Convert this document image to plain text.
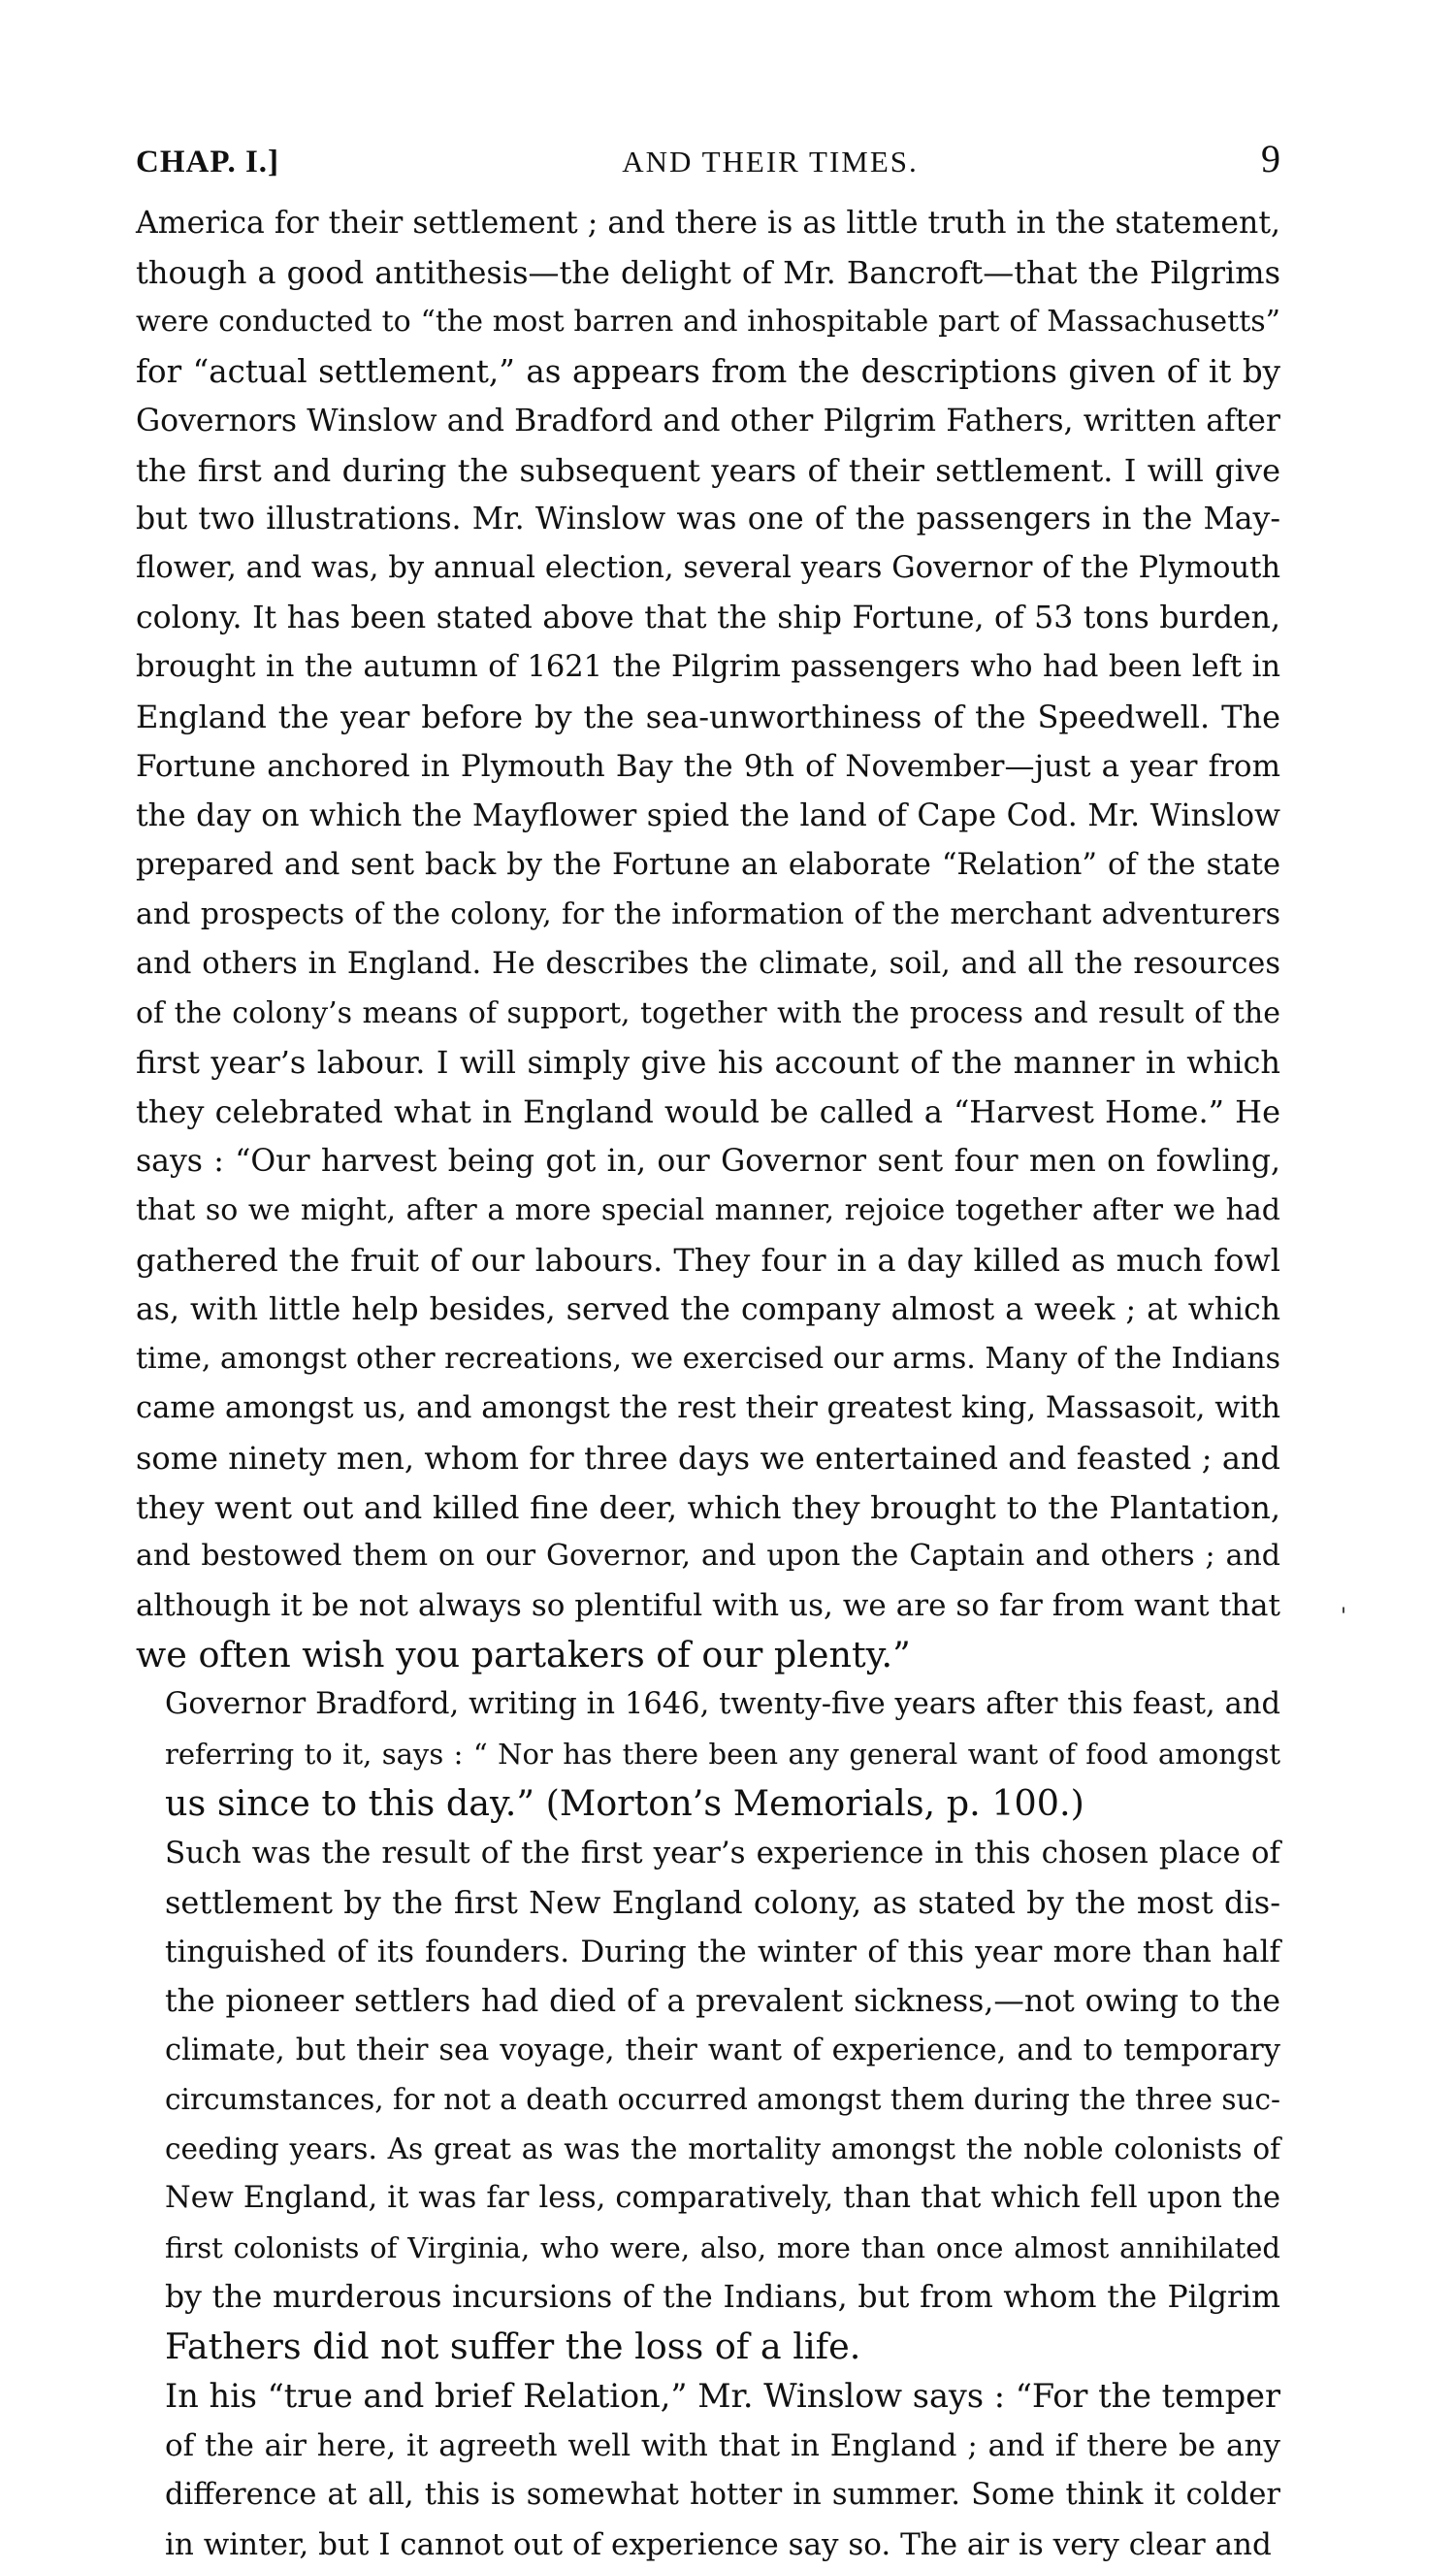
CHAP. I.]	AND THEIR TIMES.	9

America for their settlement ; and there is as little truth in the statement,
though a good antithesis—the delight of Mr. Bancroft—that the Pilgrims
were conducted to “the most barren and inhospitable part of Massachusetts”
for “actual settlement,” as appears from the descriptions given of it by
Governors Winslow and Bradford and other Pilgrim Fathers, written after
the first and during the subsequent years of their settlement. I will give
but two illustrations. Mr. Winslow was one of the passengers in the May-
flower, and was, by annual election, several years Governor of the Plymouth
colony. It has been stated above that the ship Fortune, of 53 tons burden,
brought in the autumn of 1621 the Pilgrim passengers who had been left in
England the year before by the sea-unworthiness of the Speedwell. The
Fortune anchored in Plymouth Bay the 9th of November—just a year from
the day on which the Mayflower spied the land of Cape Cod. Mr. Winslow
prepared and sent back by the Fortune an elaborate “Relation” of the state
and prospects of the colony, for the information of the merchant adventurers
and others in England. He describes the climate, soil, and all the resources
of the colony’s means of support, together with the process and result of the
first year’s labour. I will simply give his account of the manner in which
they celebrated what in England would be called a “Harvest Home.” He
says : “Our harvest being got in, our Governor sent four men on fowling,
that so we might, after a more special manner, rejoice together after we had
gathered the fruit of our labours. They four in a day killed as much fowl
as, with little help besides, served the company almost a week ; at which
time, amongst other recreations, we exercised our arms. Many of the Indians
came amongst us, and amongst the rest their greatest king, Massasoit, with
some ninety men, whom for three days we entertained and feasted ; and
they went out and killed fine deer, which they brought to the Plantation,
and bestowed them on our Governor, and upon the Captain and others ; and
although it be not always so plentiful with us, we are so far from want that
we often wish you partakers of our plenty.”

Governor Bradford, writing in 1646, twenty-five years after this feast, and
referring to it, says : “ Nor has there been any general want of food amongst
us since to this day.” (Morton’s Memorials, p. 100.)

Such was the result of the first year’s experience in this chosen place of
settlement by the first New England colony, as stated by the most dis-
tinguished of its founders. During the winter of this year more than half
the pioneer settlers had died of a prevalent sickness,—not owing to the
climate, but their sea voyage, their want of experience, and to temporary
circumstances, for not a death occurred amongst them during the three suc-
ceeding years. As great as was the mortality amongst the noble colonists of
New England, it was far less, comparatively, than that which fell upon the
first colonists of Virginia, who were, also, more than once almost annihilated
by the murderous incursions of the Indians, but from whom the Pilgrim
Fathers did not suffer the loss of a life.

In his “true and brief Relation,” Mr. Winslow says : “For the temper
of the air here, it agreeth well with that in England ; and if there be any
difference at all, this is somewhat hotter in summer. Some think it colder
in winter, but I cannot out of experience say so. The air is very clear and

'
